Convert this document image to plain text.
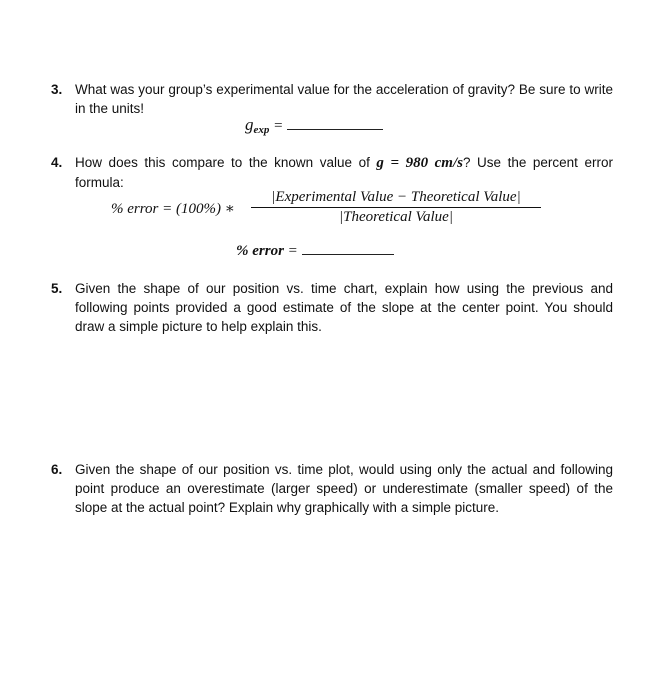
3. What was your group’s experimental value for the acceleration of gravity? Be sure to write in the units!
gexp =
4. How does this compare to the known value of g = 980 cm/s? Use the percent error formula:
% error = (100%) ∗
|Experimental Value − Theoretical Value|
|Theoretical Value|
% error =
5. Given the shape of our position vs. time chart, explain how using the previous and following points provided a good estimate of the slope at the center point. You should draw a simple picture to help explain this.
6. Given the shape of our position vs. time plot, would using only the actual and following point produce an overestimate (larger speed) or underestimate (smaller speed) of the slope at the actual point? Explain why graphically with a simple picture.
